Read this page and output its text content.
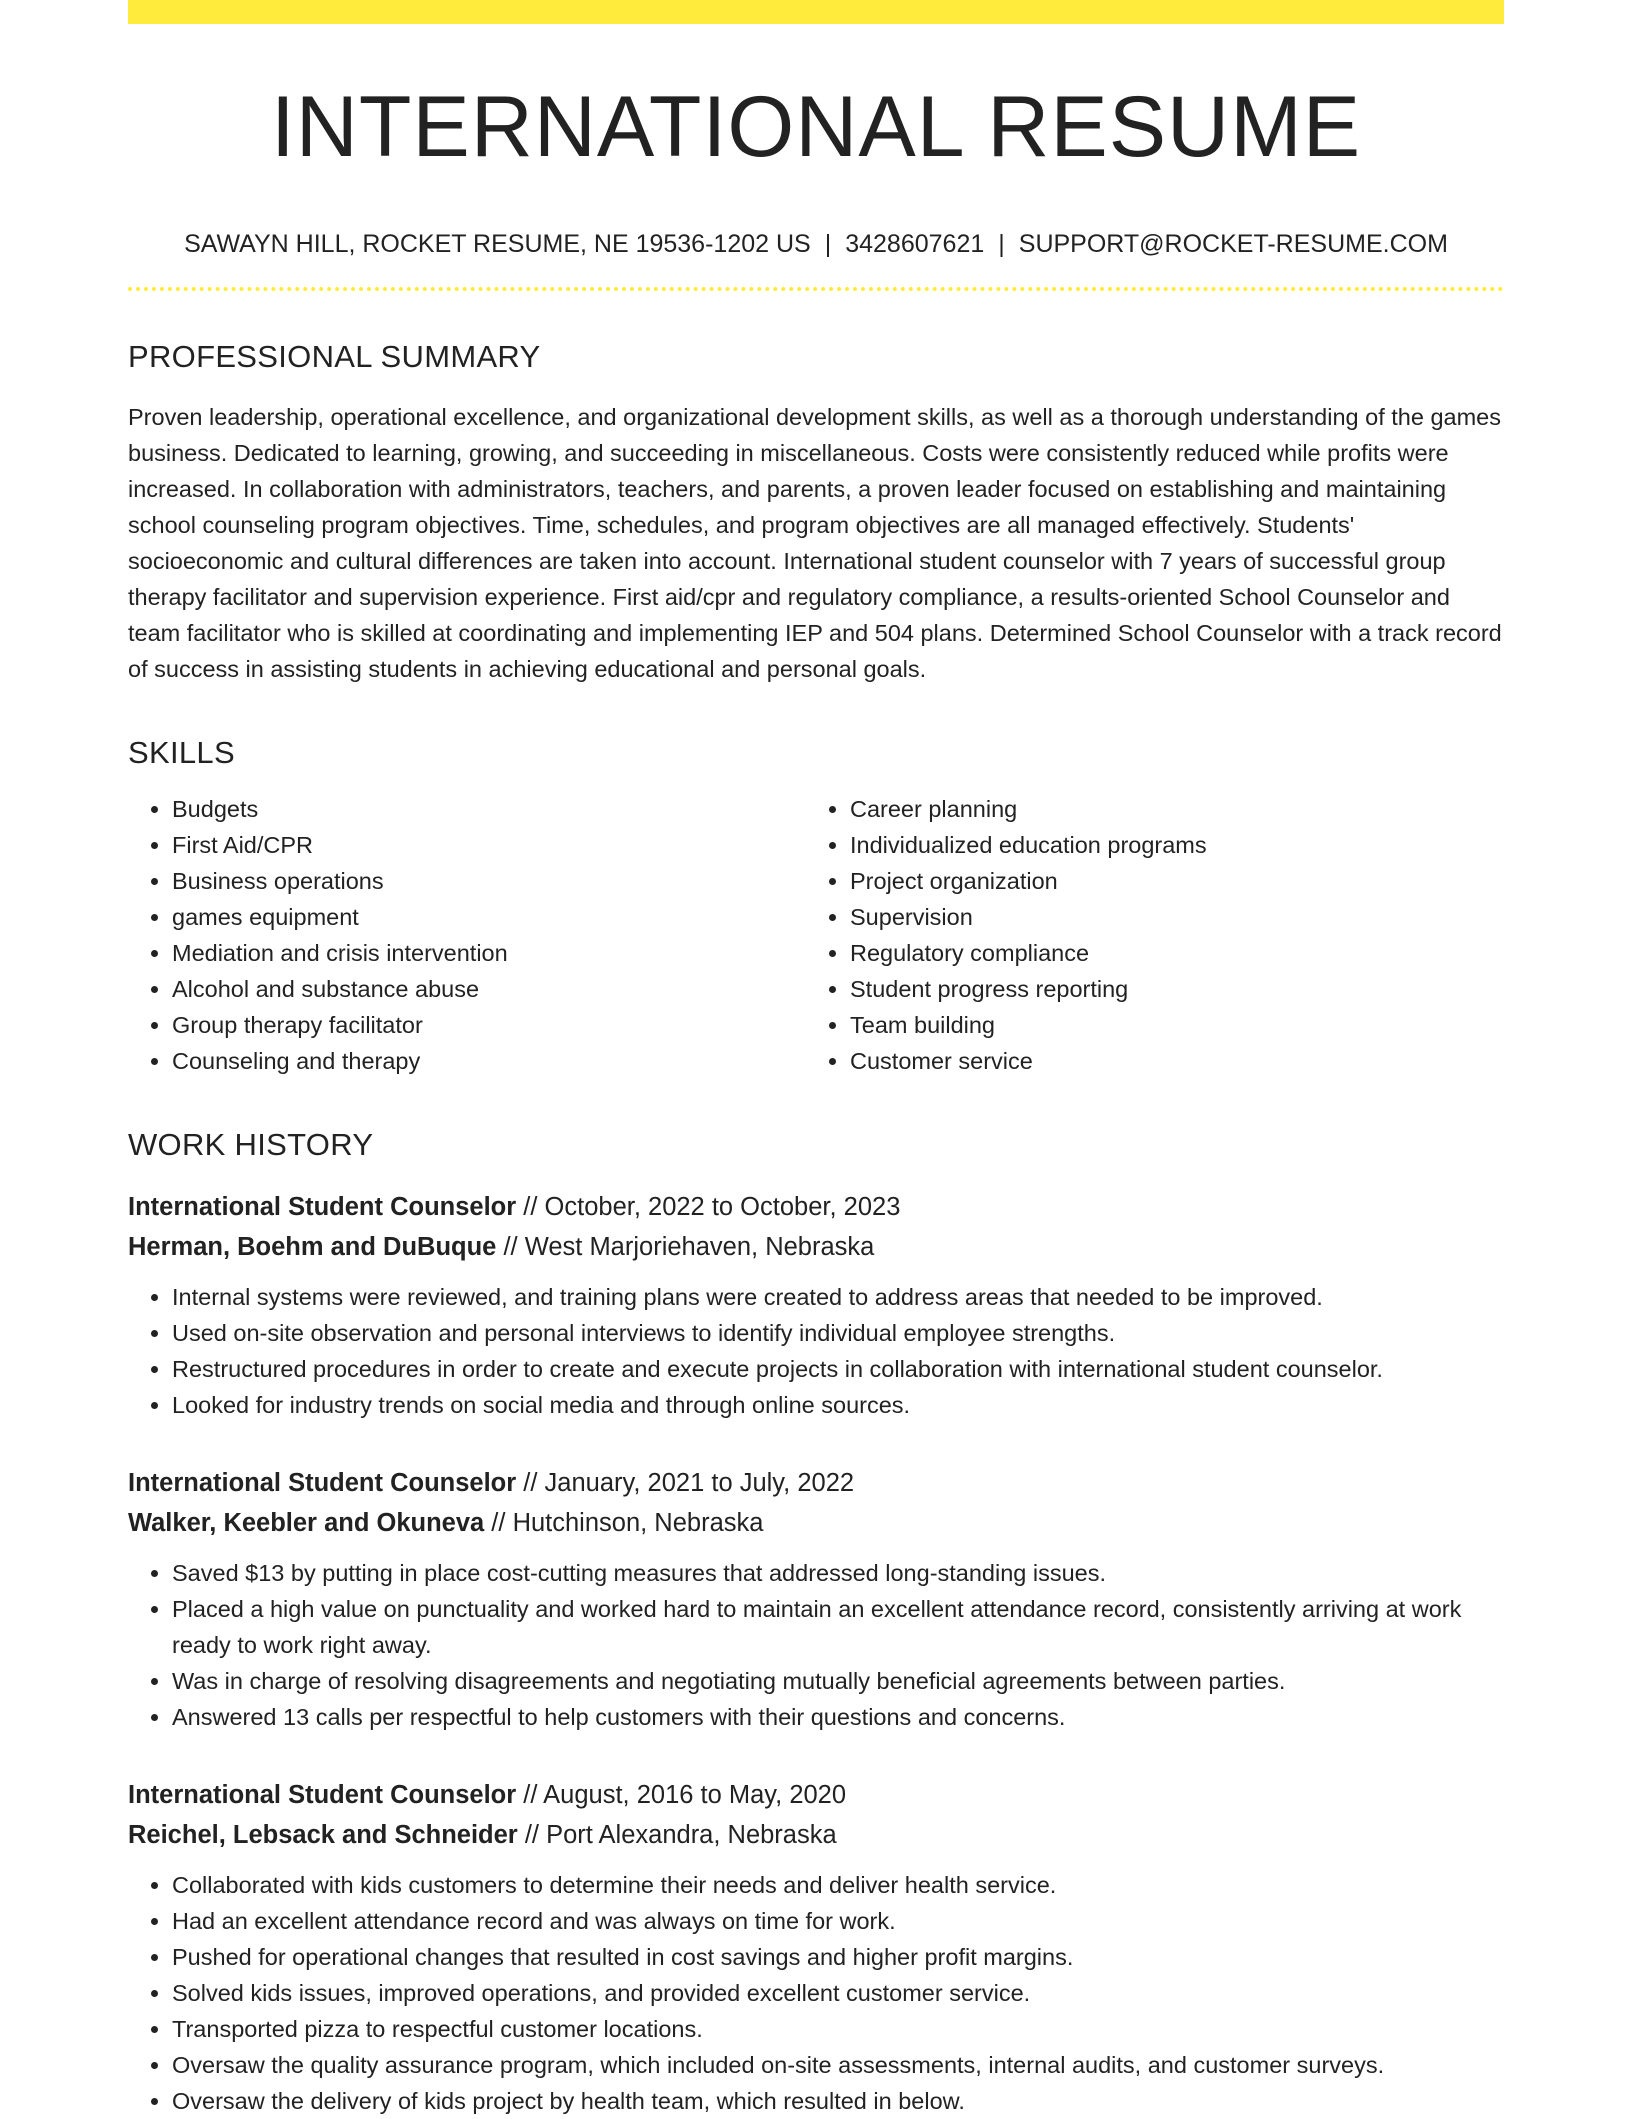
INTERNATIONAL RESUME
SAWAYN HILL, ROCKET RESUME, NE 19536-1202 US | 3428607621 | SUPPORT@ROCKET-RESUME.COM
PROFESSIONAL SUMMARY
Proven leadership, operational excellence, and organizational development skills, as well as a thorough understanding of the games business. Dedicated to learning, growing, and succeeding in miscellaneous. Costs were consistently reduced while profits were increased. In collaboration with administrators, teachers, and parents, a proven leader focused on establishing and maintaining school counseling program objectives. Time, schedules, and program objectives are all managed effectively. Students' socioeconomic and cultural differences are taken into account. International student counselor with 7 years of successful group therapy facilitator and supervision experience. First aid/cpr and regulatory compliance, a results-oriented School Counselor and team facilitator who is skilled at coordinating and implementing IEP and 504 plans. Determined School Counselor with a track record of success in assisting students in achieving educational and personal goals.
SKILLS
• Budgets
• First Aid/CPR
• Business operations
• games equipment
• Mediation and crisis intervention
• Alcohol and substance abuse
• Group therapy facilitator
• Counseling and therapy
• Career planning
• Individualized education programs
• Project organization
• Supervision
• Regulatory compliance
• Student progress reporting
• Team building
• Customer service
WORK HISTORY
International Student Counselor // October, 2022 to October, 2023
Herman, Boehm and DuBuque // West Marjoriehaven, Nebraska
• Internal systems were reviewed, and training plans were created to address areas that needed to be improved.
• Used on-site observation and personal interviews to identify individual employee strengths.
• Restructured procedures in order to create and execute projects in collaboration with international student counselor.
• Looked for industry trends on social media and through online sources.
International Student Counselor // January, 2021 to July, 2022
Walker, Keebler and Okuneva // Hutchinson, Nebraska
• Saved $13 by putting in place cost-cutting measures that addressed long-standing issues.
• Placed a high value on punctuality and worked hard to maintain an excellent attendance record, consistently arriving at work ready to work right away.
• Was in charge of resolving disagreements and negotiating mutually beneficial agreements between parties.
• Answered 13 calls per respectful to help customers with their questions and concerns.
International Student Counselor // August, 2016 to May, 2020
Reichel, Lebsack and Schneider // Port Alexandra, Nebraska
• Collaborated with kids customers to determine their needs and deliver health service.
• Had an excellent attendance record and was always on time for work.
• Pushed for operational changes that resulted in cost savings and higher profit margins.
• Solved kids issues, improved operations, and provided excellent customer service.
• Transported pizza to respectful customer locations.
• Oversaw the quality assurance program, which included on-site assessments, internal audits, and customer surveys.
• Oversaw the delivery of kids project by health team, which resulted in below.
